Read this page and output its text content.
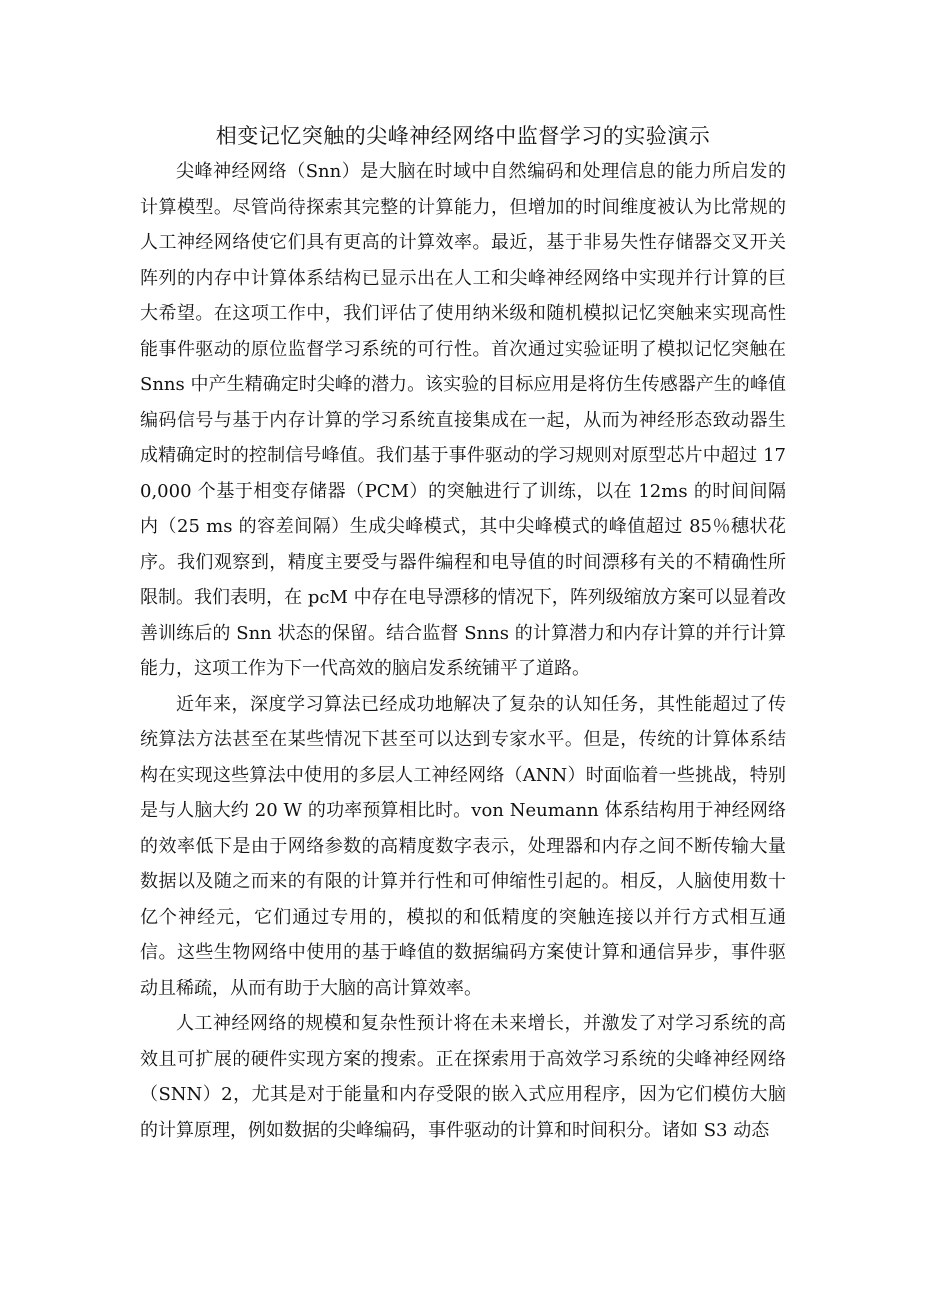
相变记忆突触的尖峰神经网络中监督学习的实验演示

尖峰神经网络（Snn）是大脑在时域中自然编码和处理信息的能力所启发的计算模型。尽管尚待探索其完整的计算能力，但增加的时间维度被认为比常规的人工神经网络使它们具有更高的计算效率。最近，基于非易失性存储器交叉开关阵列的内存中计算体系结构已显示出在人工和尖峰神经网络中实现并行计算的巨大希望。在这项工作中，我们评估了使用纳米级和随机模拟记忆突触来实现高性能事件驱动的原位监督学习系统的可行性。首次通过实验证明了模拟记忆突触在 Snns 中产生精确定时尖峰的潜力。该实验的目标应用是将仿生传感器产生的峰值编码信号与基于内存计算的学习系统直接集成在一起，从而为神经形态致动器生成精确定时的控制信号峰值。我们基于事件驱动的学习规则对原型芯片中超过 170,000 个基于相变存储器（PCM）的突触进行了训练，以在 12ms 的时间间隔内（25 ms 的容差间隔）生成尖峰模式，其中尖峰模式的峰值超过 85％穗状花序。我们观察到，精度主要受与器件编程和电导值的时间漂移有关的不精确性所限制。我们表明，在 pcM 中存在电导漂移的情况下，阵列级缩放方案可以显着改善训练后的 Snn 状态的保留。结合监督 Snns 的计算潜力和内存计算的并行计算能力，这项工作为下一代高效的脑启发系统铺平了道路。

近年来，深度学习算法已经成功地解决了复杂的认知任务，其性能超过了传统算法方法甚至在某些情况下甚至可以达到专家水平。但是，传统的计算体系结构在实现这些算法中使用的多层人工神经网络（ANN）时面临着一些挑战，特别是与人脑大约 20 W 的功率预算相比时。von Neumann 体系结构用于神经网络的效率低下是由于网络参数的高精度数字表示，处理器和内存之间不断传输大量数据以及随之而来的有限的计算并行性和可伸缩性引起的。相反，人脑使用数十亿个神经元，它们通过专用的，模拟的和低精度的突触连接以并行方式相互通信。这些生物网络中使用的基于峰值的数据编码方案使计算和通信异步，事件驱动且稀疏，从而有助于大脑的高计算效率。

人工神经网络的规模和复杂性预计将在未来增长，并激发了对学习系统的高效且可扩展的硬件实现方案的搜索。正在探索用于高效学习系统的尖峰神经网络（SNN）2，尤其是对于能量和内存受限的嵌入式应用程序，因为它们模仿大脑的计算原理，例如数据的尖峰编码，事件驱动的计算和时间积分。诸如 S3 动态
